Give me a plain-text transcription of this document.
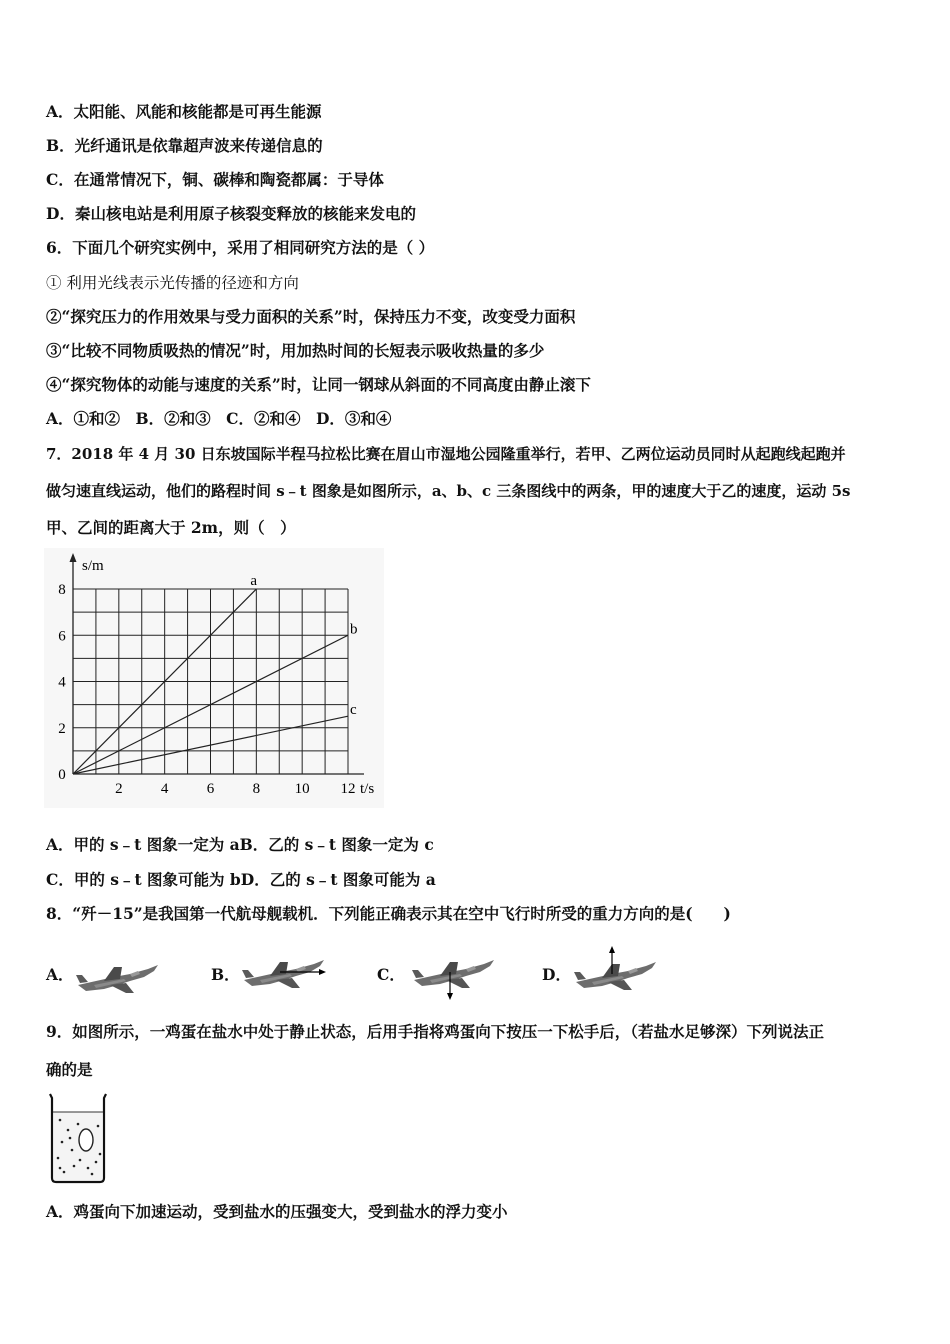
A．太阳能、风能和核能都是可再生能源
B．光纤通讯是依靠超声波来传递信息的
C．在通常情况下，铜、碳棒和陶瓷都属：于导体
D．秦山核电站是利用原子核裂变释放的核能来发电的
6．下面几个研究实例中，采用了相同研究方法的是（ ）
① 利用光线表示光传播的径迹和方向
②“探究压力的作用效果与受力面积的关系”时，保持压力不变，改变受力面积
③“比较不同物质吸热的情况”时，用加热时间的长短表示吸收热量的多少
④“探究物体的动能与速度的关系”时，让同一钢球从斜面的不同高度由静止滚下
A．①和②　B．②和③　C．②和④　D．③和④
7．2018 年 4 月 30 日东坡国际半程马拉松比赛在眉山市湿地公园隆重举行，若甲、乙两位运动员同时从起跑线起跑并
做匀速直线运动，他们的路程时间 s﹣t 图象是如图所示，a、b、c 三条图线中的两条，甲的速度大于乙的速度，运动 5s
甲、乙间的距离大于 2m，则（　）
a
b
c
2	4	6	8 10 12
0
2
4
6
8
s/m
t/s
A．甲的 s﹣t 图象一定为 aB．乙的 s﹣t 图象一定为 c
C．甲的 s﹣t 图象可能为 bD．乙的 s﹣t 图象可能为 a
8．“歼－15”是我国第一代航母舰载机．下列能正确表示其在空中飞行时所受的重力方向的是(　　)
A．	B．	C．	D．
9．如图所示，一鸡蛋在盐水中处于静止状态，后用手指将鸡蛋向下按压一下松手后，（若盐水足够深）下列说法正
确的是
A．鸡蛋向下加速运动，受到盐水的压强变大，受到盐水的浮力变小
